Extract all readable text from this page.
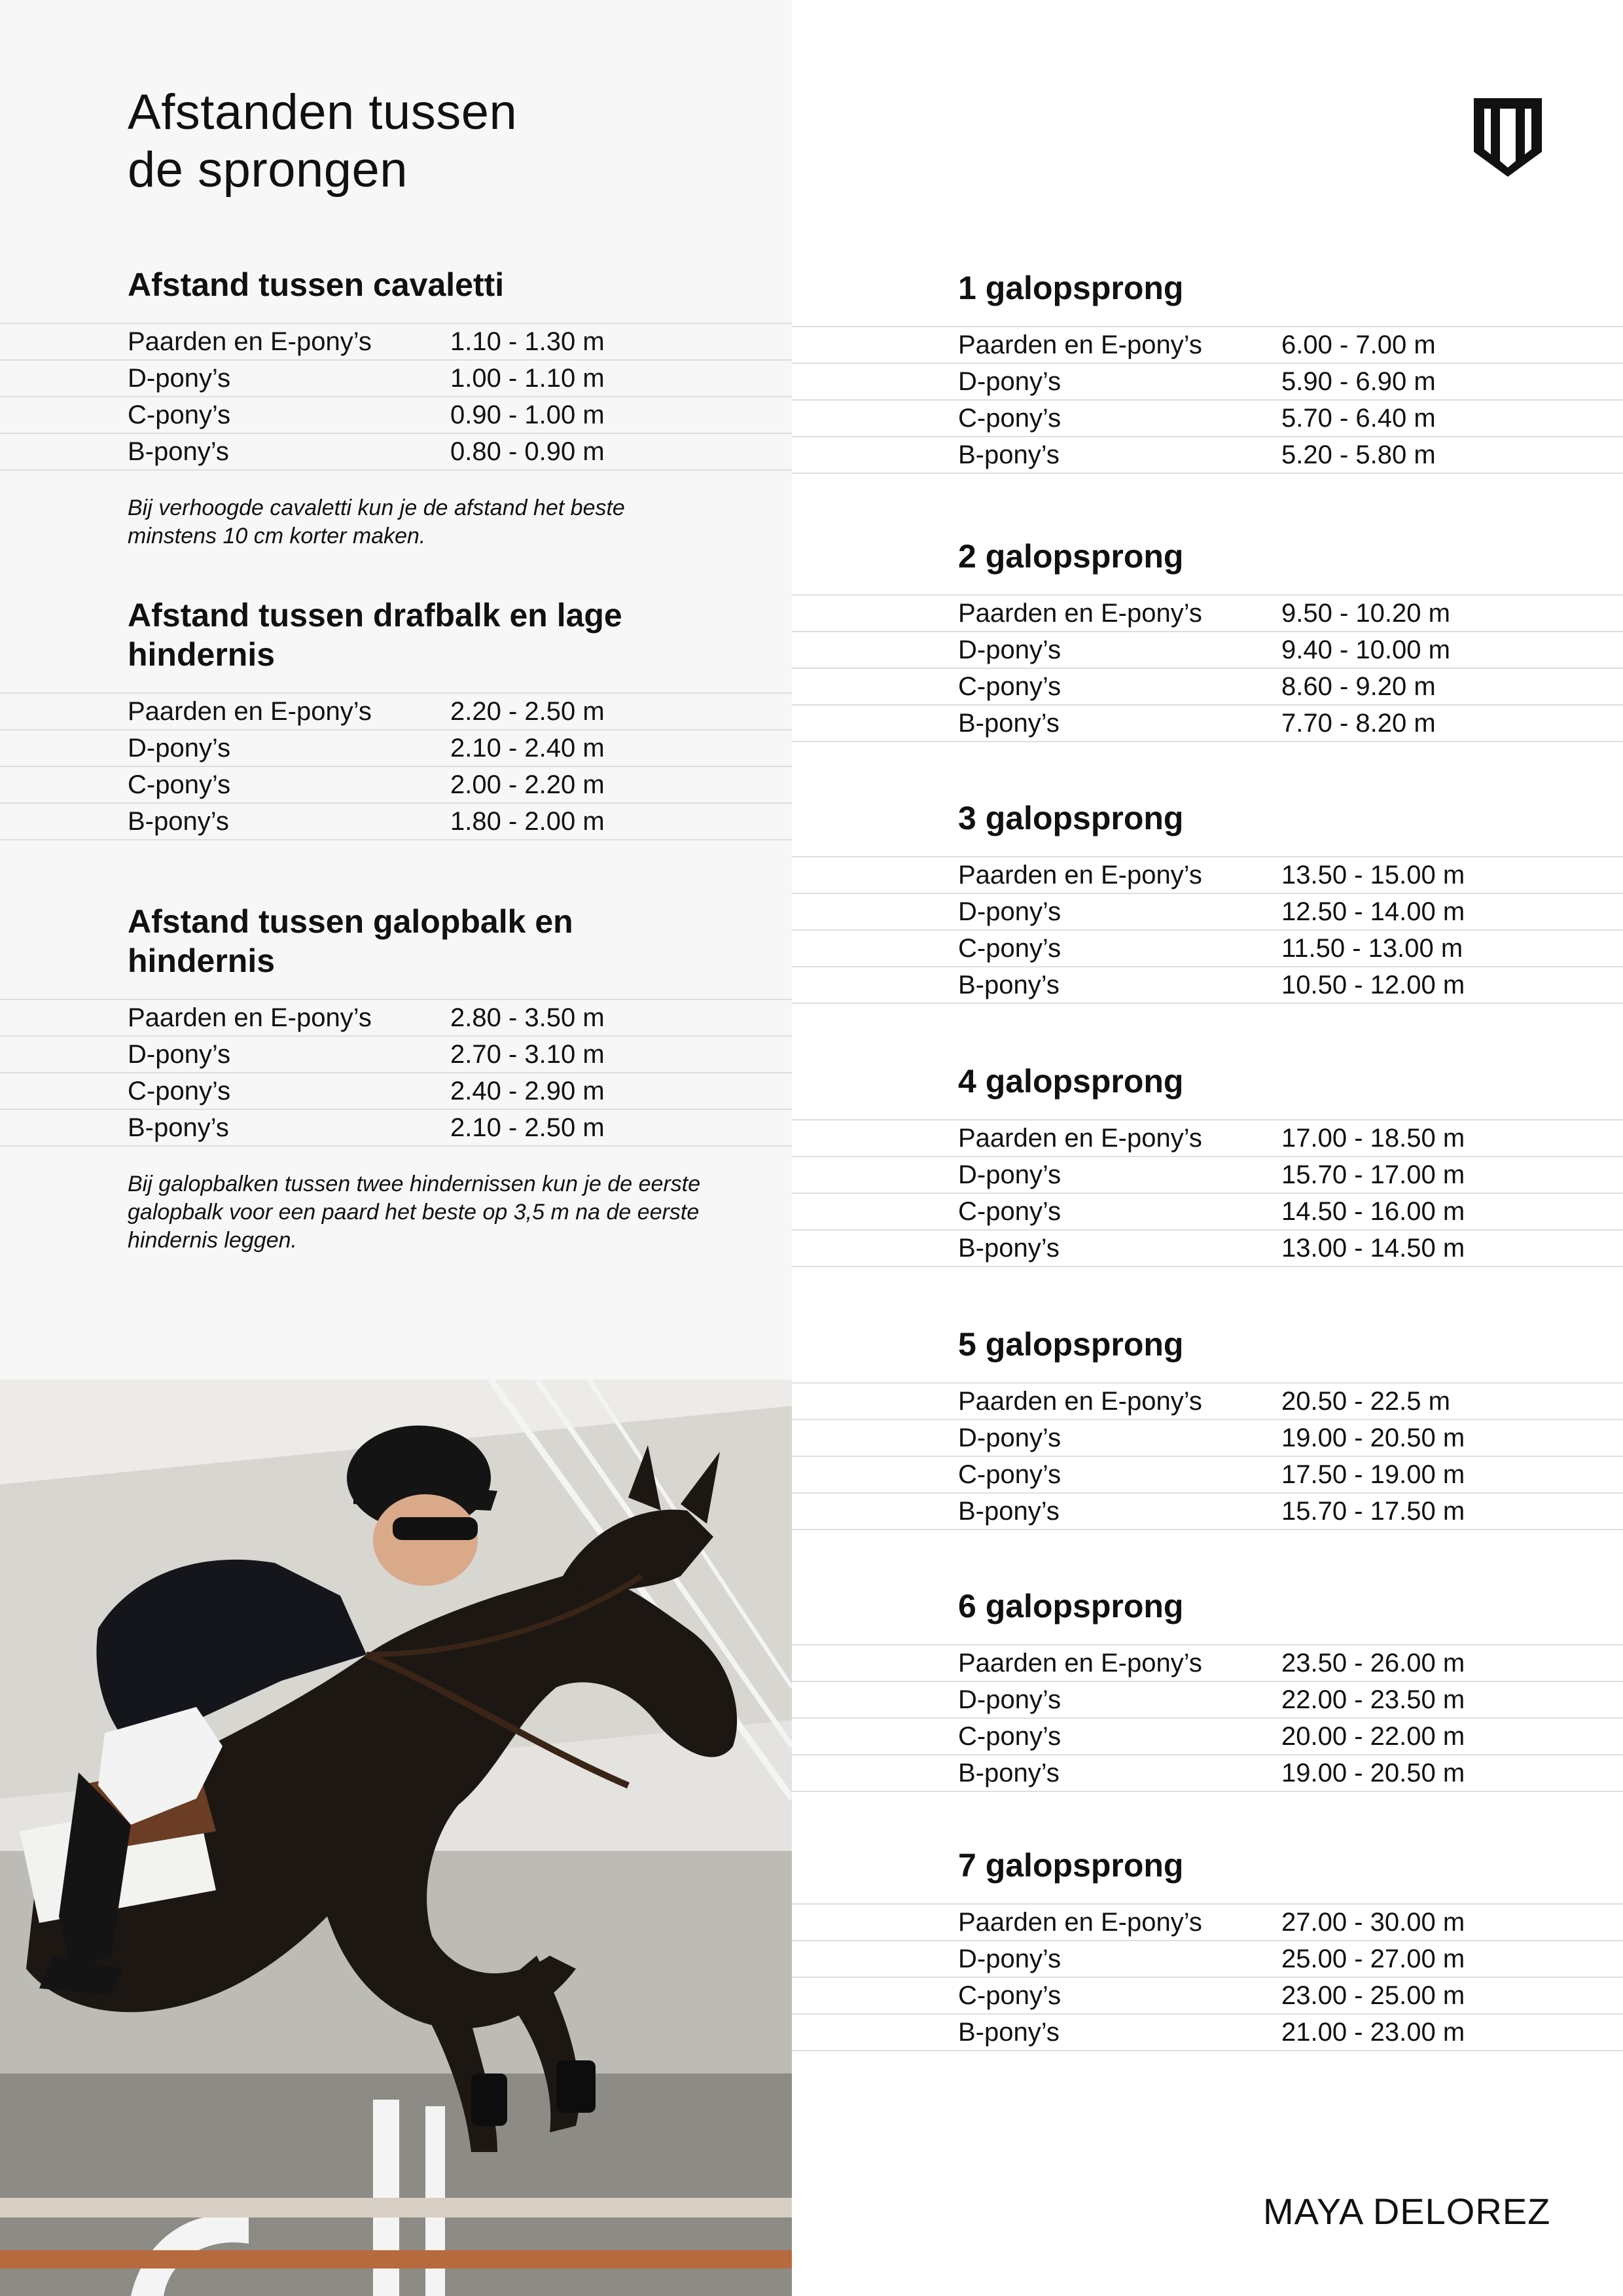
Afstanden tussen
de sprongen
Afstand tussen cavaletti
Paarden en E-pony’s	1.10 - 1.30 m
D-pony’s	1.00 - 1.10 m
C-pony’s	0.90 - 1.00 m
B-pony’s	0.80 - 0.90 m

Bij verhoogde cavaletti kun je de afstand het beste minstens 10 cm korter maken.

Afstand tussen drafbalk en lage hindernis
Paarden en E-pony’s	2.20 - 2.50 m
D-pony’s	2.10 - 2.40 m
C-pony’s	2.00 - 2.20 m
B-pony’s	1.80 - 2.00 m
Afstand tussen galopbalk en hindernis
Paarden en E-pony’s	2.80 - 3.50 m
D-pony’s	2.70 - 3.10 m
C-pony’s	2.40 - 2.90 m
B-pony’s	2.10 - 2.50 m

Bij galopbalken tussen twee hindernissen kun je de eerste galopbalk voor een paard het beste op 3,5 m na de eerste hindernis leggen.

1 galopsprong
Paarden en E-pony’s	6.00 - 7.00 m
D-pony’s	5.90 - 6.90 m
C-pony’s	5.70 - 6.40 m
B-pony’s	5.20 - 5.80 m
2 galopsprong
Paarden en E-pony’s	9.50 - 10.20 m
D-pony’s	9.40 - 10.00 m
C-pony’s	8.60 - 9.20 m
B-pony’s	7.70 - 8.20 m
3 galopsprong
Paarden en E-pony’s	13.50 - 15.00 m
D-pony’s	12.50 - 14.00 m
C-pony’s	11.50 - 13.00 m
B-pony’s	10.50 - 12.00 m
4 galopsprong
Paarden en E-pony’s	17.00 - 18.50 m
D-pony’s	15.70 - 17.00 m
C-pony’s	14.50 - 16.00 m
B-pony’s	13.00 - 14.50 m
5 galopsprong
Paarden en E-pony’s	20.50 - 22.5 m
D-pony’s	19.00 - 20.50 m
C-pony’s	17.50 - 19.00 m
B-pony’s	15.70 - 17.50 m
6 galopsprong
Paarden en E-pony’s	23.50 - 26.00 m
D-pony’s	22.00 - 23.50 m
C-pony’s	20.00 - 22.00 m
B-pony’s	19.00 - 20.50 m
7 galopsprong
Paarden en E-pony’s	27.00 - 30.00 m
D-pony’s	25.00 - 27.00 m
C-pony’s	23.00 - 25.00 m
B-pony’s	21.00 - 23.00 m
MAYA DELOREZ
